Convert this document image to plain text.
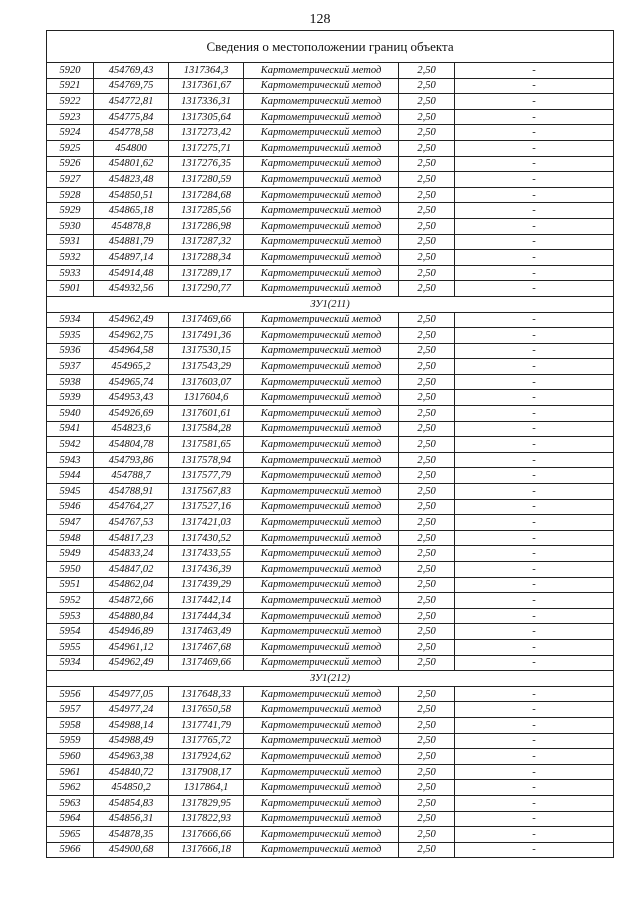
128
Сведения о местоположении границ объекта					
5920	454769,43	1317364,3	Картометрический метод	2,50	-
5921	454769,75	1317361,67	Картометрический метод	2,50	-
5922	454772,81	1317336,31	Картометрический метод	2,50	-
5923	454775,84	1317305,64	Картометрический метод	2,50	-
5924	454778,58	1317273,42	Картометрический метод	2,50	-
5925	454800	1317275,71	Картометрический метод	2,50	-
5926	454801,62	1317276,35	Картометрический метод	2,50	-
5927	454823,48	1317280,59	Картометрический метод	2,50	-
5928	454850,51	1317284,68	Картометрический метод	2,50	-
5929	454865,18	1317285,56	Картометрический метод	2,50	-
5930	454878,8	1317286,98	Картометрический метод	2,50	-
5931	454881,79	1317287,32	Картометрический метод	2,50	-
5932	454897,14	1317288,34	Картометрический метод	2,50	-
5933	454914,48	1317289,17	Картометрический метод	2,50	-
5901	454932,56	1317290,77	Картометрический метод	2,50	-
ЗУ1(211)					
5934	454962,49	1317469,66	Картометрический метод	2,50	-
5935	454962,75	1317491,36	Картометрический метод	2,50	-
5936	454964,58	1317530,15	Картометрический метод	2,50	-
5937	454965,2	1317543,29	Картометрический метод	2,50	-
5938	454965,74	1317603,07	Картометрический метод	2,50	-
5939	454953,43	1317604,6	Картометрический метод	2,50	-
5940	454926,69	1317601,61	Картометрический метод	2,50	-
5941	454823,6	1317584,28	Картометрический метод	2,50	-
5942	454804,78	1317581,65	Картометрический метод	2,50	-
5943	454793,86	1317578,94	Картометрический метод	2,50	-
5944	454788,7	1317577,79	Картометрический метод	2,50	-
5945	454788,91	1317567,83	Картометрический метод	2,50	-
5946	454764,27	1317527,16	Картометрический метод	2,50	-
5947	454767,53	1317421,03	Картометрический метод	2,50	-
5948	454817,23	1317430,52	Картометрический метод	2,50	-
5949	454833,24	1317433,55	Картометрический метод	2,50	-
5950	454847,02	1317436,39	Картометрический метод	2,50	-
5951	454862,04	1317439,29	Картометрический метод	2,50	-
5952	454872,66	1317442,14	Картометрический метод	2,50	-
5953	454880,84	1317444,34	Картометрический метод	2,50	-
5954	454946,89	1317463,49	Картометрический метод	2,50	-
5955	454961,12	1317467,68	Картометрический метод	2,50	-
5934	454962,49	1317469,66	Картометрический метод	2,50	-
ЗУ1(212)					
5956	454977,05	1317648,33	Картометрический метод	2,50	-
5957	454977,24	1317650,58	Картометрический метод	2,50	-
5958	454988,14	1317741,79	Картометрический метод	2,50	-
5959	454988,49	1317765,72	Картометрический метод	2,50	-
5960	454963,38	1317924,62	Картометрический метод	2,50	-
5961	454840,72	1317908,17	Картометрический метод	2,50	-
5962	454850,2	1317864,1	Картометрический метод	2,50	-
5963	454854,83	1317829,95	Картометрический метод	2,50	-
5964	454856,31	1317822,93	Картометрический метод	2,50	-
5965	454878,35	1317666,66	Картометрический метод	2,50	-
5966	454900,68	1317666,18	Картометрический метод	2,50	-
